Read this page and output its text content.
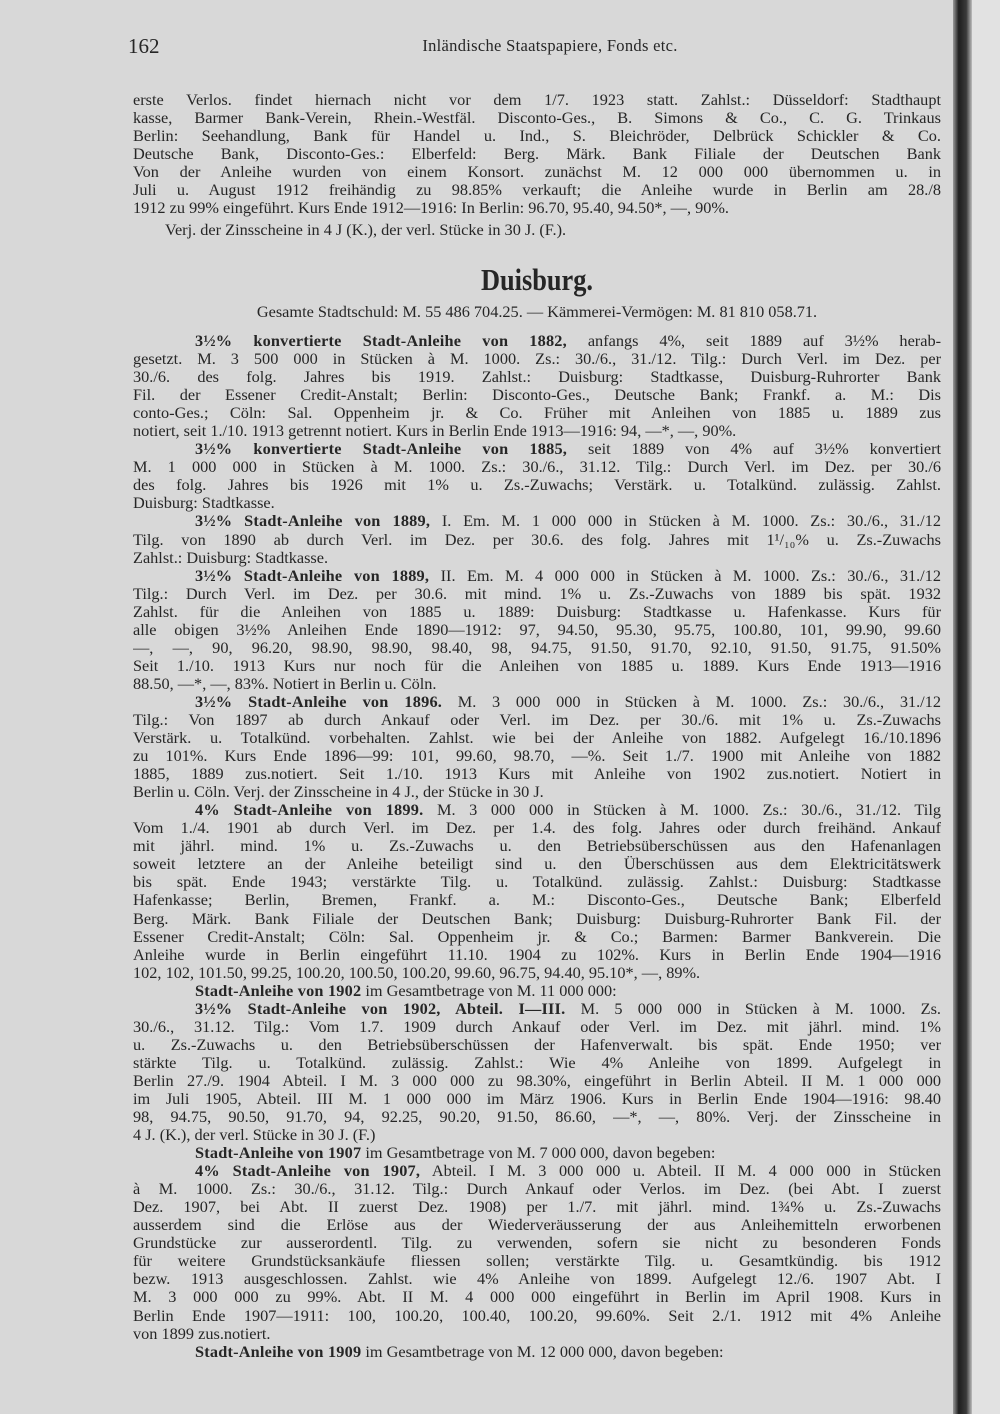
162	Inländische Staatspapiere, Fonds etc.
erste Verlos. findet hiernach nicht vor dem 1/7. 1923 statt. Zahlst.: Düsseldorf: Stadthaupt
kasse, Barmer Bank-Verein, Rhein.-Westfäl. Disconto-Ges., B. Simons & Co., C. G. Trinkaus
Berlin: Seehandlung, Bank für Handel u. Ind., S. Bleichröder, Delbrück Schickler & Co.
Deutsche Bank, Disconto-Ges.: Elberfeld: Berg. Märk. Bank Filiale der Deutschen Bank
Von der Anleihe wurden von einem Konsort. zunächst M. 12 000 000 übernommen u. in
Juli u. August 1912 freihändig zu 98.85% verkauft; die Anleihe wurde in Berlin am 28./8
1912 zu 99% eingeführt. Kurs Ende 1912—1916: In Berlin: 96.70, 95.40, 94.50*, —, 90%.
Verj. der Zinsscheine in 4 J (K.), der verl. Stücke in 30 J. (F.).
Duisburg.
Gesamte Stadtschuld: M. 55 486 704.25. — Kämmerei-Vermögen: M. 81 810 058.71.
3½% konvertierte Stadt-Anleihe von 1882, anfangs 4%, seit 1889 auf 3½% herab-
gesetzt. M. 3 500 000 in Stücken à M. 1000. Zs.: 30./6., 31./12. Tilg.: Durch Verl. im Dez. per
30./6. des folg. Jahres bis 1919. Zahlst.: Duisburg: Stadtkasse, Duisburg-Ruhrorter Bank
Fil. der Essener Credit-Anstalt; Berlin: Disconto-Ges., Deutsche Bank; Frankf. a. M.: Dis
conto-Ges.; Cöln: Sal. Oppenheim jr. & Co. Früher mit Anleihen von 1885 u. 1889 zus
notiert, seit 1./10. 1913 getrennt notiert. Kurs in Berlin Ende 1913—1916: 94, —*, —, 90%.
3½% konvertierte Stadt-Anleihe von 1885, seit 1889 von 4% auf 3½% konvertiert
M. 1 000 000 in Stücken à M. 1000. Zs.: 30./6., 31.12. Tilg.: Durch Verl. im Dez. per 30./6
des folg. Jahres bis 1926 mit 1% u. Zs.-Zuwachs; Verstärk. u. Totalkünd. zulässig. Zahlst.
Duisburg: Stadtkasse.
3½% Stadt-Anleihe von 1889, I. Em. M. 1 000 000 in Stücken à M. 1000. Zs.: 30./6., 31./12
Tilg. von 1890 ab durch Verl. im Dez. per 30.6. des folg. Jahres mit 1¹/₁₀% u. Zs.-Zuwachs
Zahlst.: Duisburg: Stadtkasse.
3½% Stadt-Anleihe von 1889, II. Em. M. 4 000 000 in Stücken à M. 1000. Zs.: 30./6., 31./12
Tilg.: Durch Verl. im Dez. per 30.6. mit mind. 1% u. Zs.-Zuwachs von 1889 bis spät. 1932
Zahlst. für die Anleihen von 1885 u. 1889: Duisburg: Stadtkasse u. Hafenkasse. Kurs für
alle obigen 3½% Anleihen Ende 1890—1912: 97, 94.50, 95.30, 95.75, 100.80, 101, 99.90, 99.60
—, —, 90, 96.20, 98.90, 98.90, 98.40, 98, 94.75, 91.50, 91.70, 92.10, 91.50, 91.75, 91.50%
Seit 1./10. 1913 Kurs nur noch für die Anleihen von 1885 u. 1889. Kurs Ende 1913—1916
88.50, —*, —, 83%. Notiert in Berlin u. Cöln.
3½% Stadt-Anleihe von 1896. M. 3 000 000 in Stücken à M. 1000. Zs.: 30./6., 31./12
Tilg.: Von 1897 ab durch Ankauf oder Verl. im Dez. per 30./6. mit 1% u. Zs.-Zuwachs
Verstärk. u. Totalkünd. vorbehalten. Zahlst. wie bei der Anleihe von 1882. Aufgelegt 16./10.1896
zu 101%. Kurs Ende 1896—99: 101, 99.60, 98.70, —%. Seit 1./7. 1900 mit Anleihe von 1882
1885, 1889 zus.notiert. Seit 1./10. 1913 Kurs mit Anleihe von 1902 zus.notiert. Notiert in
Berlin u. Cöln. Verj. der Zinsscheine in 4 J., der Stücke in 30 J.
4% Stadt-Anleihe von 1899. M. 3 000 000 in Stücken à M. 1000. Zs.: 30./6., 31./12. Tilg
Vom 1./4. 1901 ab durch Verl. im Dez. per 1.4. des folg. Jahres oder durch freihänd. Ankauf
mit jährl. mind. 1% u. Zs.-Zuwachs u. den Betriebsüberschüssen aus den Hafenanlagen
soweit letztere an der Anleihe beteiligt sind u. den Überschüssen aus dem Elektricitätswerk
bis spät. Ende 1943; verstärkte Tilg. u. Totalkünd. zulässig. Zahlst.: Duisburg: Stadtkasse
Hafenkasse; Berlin, Bremen, Frankf. a. M.: Disconto-Ges., Deutsche Bank; Elberfeld
Berg. Märk. Bank Filiale der Deutschen Bank; Duisburg: Duisburg-Ruhrorter Bank Fil. der
Essener Credit-Anstalt; Cöln: Sal. Oppenheim jr. & Co.; Barmen: Barmer Bankverein. Die
Anleihe wurde in Berlin eingeführt 11.10. 1904 zu 102%. Kurs in Berlin Ende 1904—1916
102, 102, 101.50, 99.25, 100.20, 100.50, 100.20, 99.60, 96.75, 94.40, 95.10*, —, 89%.
Stadt-Anleihe von 1902 im Gesamtbetrage von M. 11 000 000:
3½% Stadt-Anleihe von 1902, Abteil. I—III. M. 5 000 000 in Stücken à M. 1000. Zs.
30./6., 31.12. Tilg.: Vom 1.7. 1909 durch Ankauf oder Verl. im Dez. mit jährl. mind. 1%
u. Zs.-Zuwachs u. den Betriebsüberschüssen der Hafenverwalt. bis spät. Ende 1950; ver
stärkte Tilg. u. Totalkünd. zulässig. Zahlst.: Wie 4% Anleihe von 1899. Aufgelegt in
Berlin 27./9. 1904 Abteil. I M. 3 000 000 zu 98.30%, eingeführt in Berlin Abteil. II M. 1 000 000
im Juli 1905, Abteil. III M. 1 000 000 im März 1906. Kurs in Berlin Ende 1904—1916: 98.40
98, 94.75, 90.50, 91.70, 94, 92.25, 90.20, 91.50, 86.60, —*, —, 80%. Verj. der Zinsscheine in
4 J. (K.), der verl. Stücke in 30 J. (F.)
Stadt-Anleihe von 1907 im Gesamtbetrage von M. 7 000 000, davon begeben:
4% Stadt-Anleihe von 1907, Abteil. I M. 3 000 000 u. Abteil. II M. 4 000 000 in Stücken
à M. 1000. Zs.: 30./6., 31.12. Tilg.: Durch Ankauf oder Verlos. im Dez. (bei Abt. I zuerst
Dez. 1907, bei Abt. II zuerst Dez. 1908) per 1./7. mit jährl. mind. 1¾% u. Zs.-Zuwachs
ausserdem sind die Erlöse aus der Wiederveräusserung der aus Anleihemitteln erworbenen
Grundstücke zur ausserordentl. Tilg. zu verwenden, sofern sie nicht zu besonderen Fonds
für weitere Grundstücksankäufe fliessen sollen; verstärkte Tilg. u. Gesamtkündig. bis 1912
bezw. 1913 ausgeschlossen. Zahlst. wie 4% Anleihe von 1899. Aufgelegt 12./6. 1907 Abt. I
M. 3 000 000 zu 99%. Abt. II M. 4 000 000 eingeführt in Berlin im April 1908. Kurs in
Berlin Ende 1907—1911: 100, 100.20, 100.40, 100.20, 99.60%. Seit 2./1. 1912 mit 4% Anleihe
von 1899 zus.notiert.
Stadt-Anleihe von 1909 im Gesamtbetrage von M. 12 000 000, davon begeben:
